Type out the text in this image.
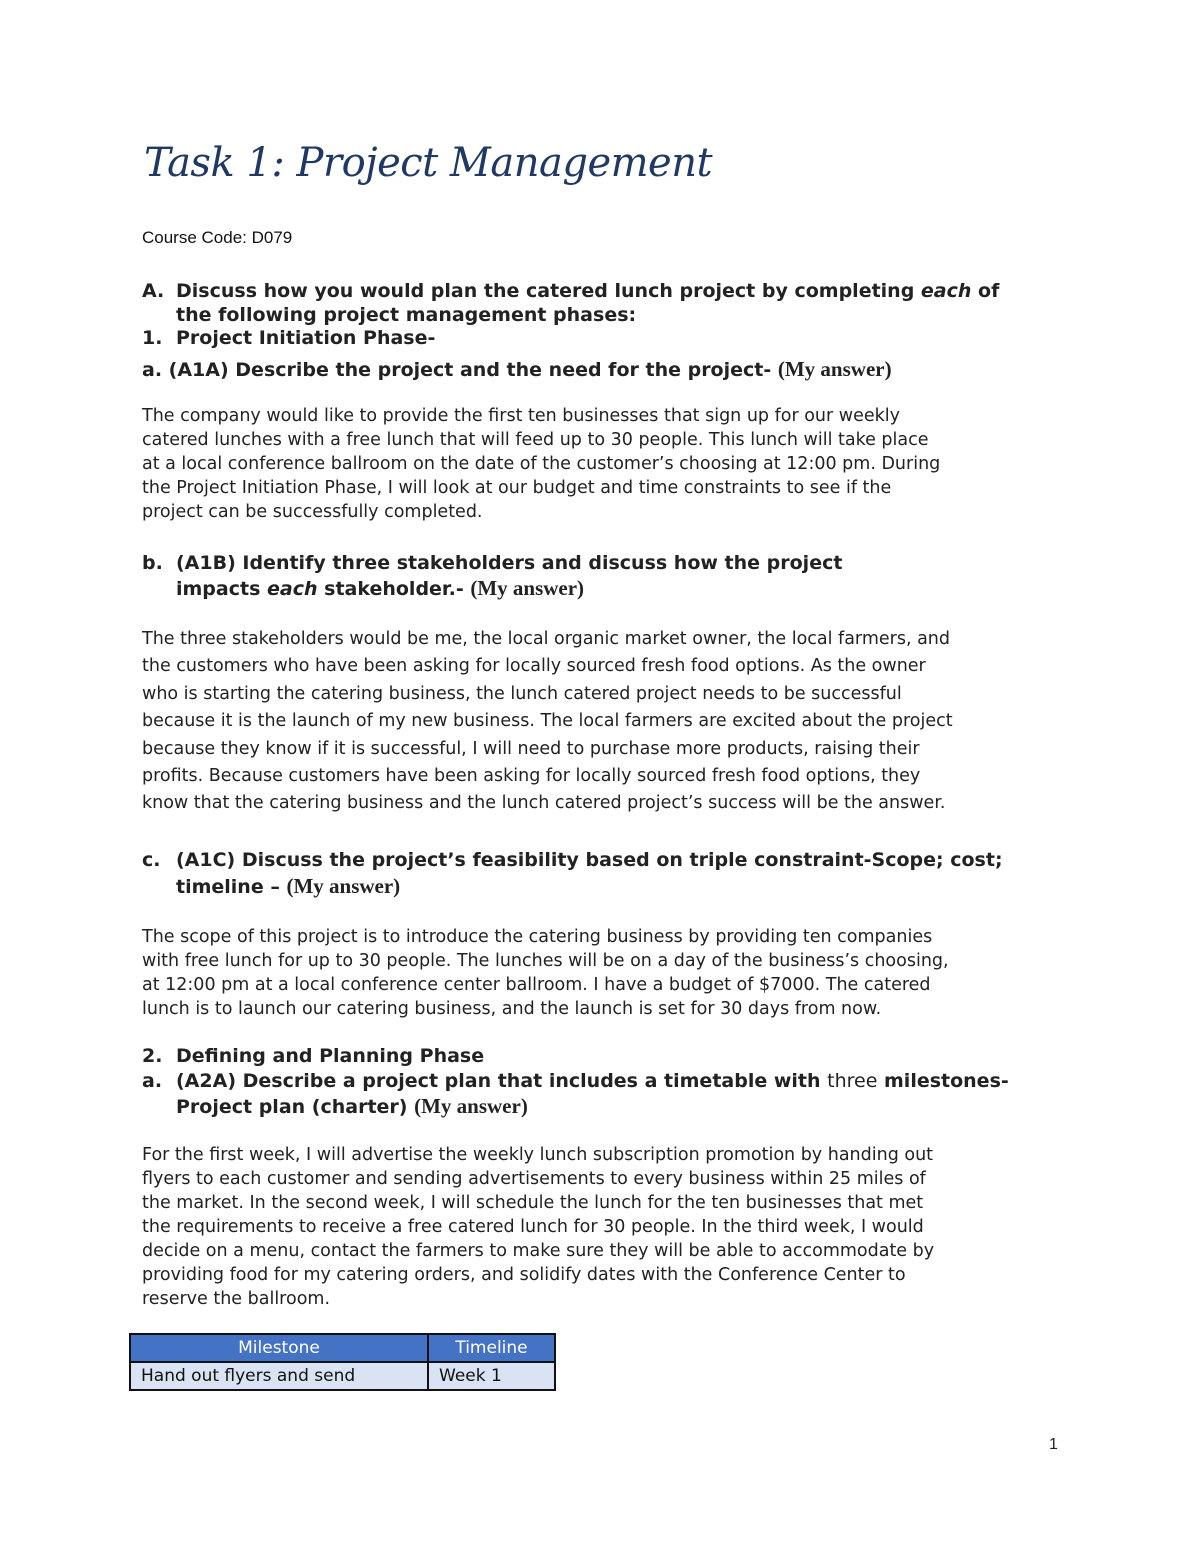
Task 1: Project Management
Course Code: D079
A. Discuss how you would plan the catered lunch project by completing each of
the following project management phases:
1. Project Initiation Phase-
a. (A1A) Describe the project and the need for the project- (My answer)
The company would like to provide the first ten businesses that sign up for our weekly
catered lunches with a free lunch that will feed up to 30 people. This lunch will take place
at a local conference ballroom on the date of the customer’s choosing at 12:00 pm. During
the Project Initiation Phase, I will look at our budget and time constraints to see if the
project can be successfully completed.
b. (A1B) Identify three stakeholders and discuss how the project
impacts each stakeholder.- (My answer)
The three stakeholders would be me, the local organic market owner, the local farmers, and
the customers who have been asking for locally sourced fresh food options. As the owner
who is starting the catering business, the lunch catered project needs to be successful
because it is the launch of my new business. The local farmers are excited about the project
because they know if it is successful, I will need to purchase more products, raising their
profits. Because customers have been asking for locally sourced fresh food options, they
know that the catering business and the lunch catered project’s success will be the answer.
c. (A1C) Discuss the project’s feasibility based on triple constraint-Scope; cost;
timeline – (My answer)
The scope of this project is to introduce the catering business by providing ten companies
with free lunch for up to 30 people. The lunches will be on a day of the business’s choosing,
at 12:00 pm at a local conference center ballroom. I have a budget of $7000. The catered
lunch is to launch our catering business, and the launch is set for 30 days from now.
2. Defining and Planning Phase
a. (A2A) Describe a project plan that includes a timetable with three milestones-
Project plan (charter) (My answer)
For the first week, I will advertise the weekly lunch subscription promotion by handing out
flyers to each customer and sending advertisements to every business within 25 miles of
the market. In the second week, I will schedule the lunch for the ten businesses that met
the requirements to receive a free catered lunch for 30 people. In the third week, I would
decide on a menu, contact the farmers to make sure they will be able to accommodate by
providing food for my catering orders, and solidify dates with the Conference Center to
reserve the ballroom.
Milestone	Timeline
Hand out flyers and send	Week 1
1
